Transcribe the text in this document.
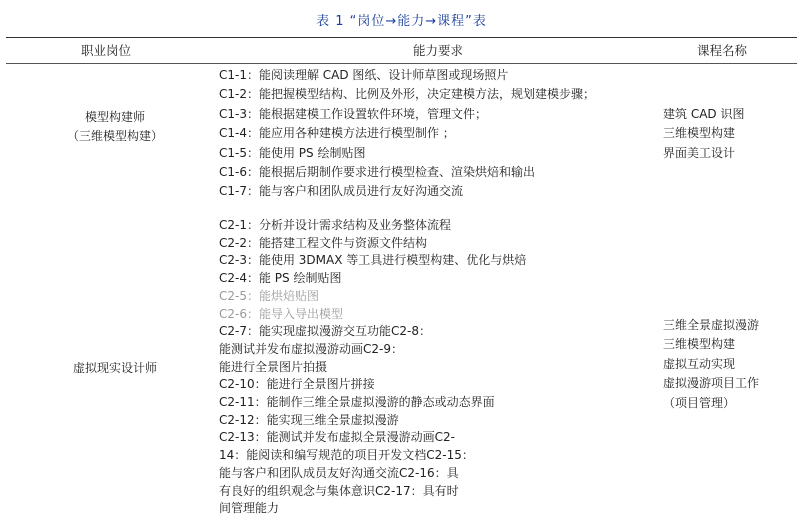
表 1 “岗位→能力→课程”表
职业岗位	能力要求	课程名称
模型构建师
（三维模型构建）
C1-1：能阅读理解 CAD 图纸、设计师草图或现场照片
C1-2：能把握模型结构、比例及外形，决定建模方法，规划建模步骤；
C1-3：能根据建模工作设置软件环境，管理文件；
C1-4：能应用各种建模方法进行模型制作 ；
C1-5：能使用 PS 绘制贴图
C1-6：能根据后期制作要求进行模型检查、渲染烘焙和输出
C1-7：能与客户和团队成员进行友好沟通交流
建筑 CAD 识图
三维模型构建
界面美工设计
虚拟现实设计师
C2-1：分析并设计需求结构及业务整体流程
C2-2：能搭建工程文件与资源文件结构
C2-3：能使用 3DMAX 等工具进行模型构建、优化与烘焙
C2-4：能 PS 绘制贴图
C2-5：能烘焙贴图
C2-6：能导入导出模型
C2-7：能实现虚拟漫游交互功能C2-8：
能测试并发布虚拟漫游动画C2-9：
能进行全景图片拍摄
C2-10：能进行全景图片拼接
C2-11：能制作三维全景虚拟漫游的静态或动态界面
C2-12：能实现三维全景虚拟漫游
C2-13：能测试并发布虚拟全景漫游动画C2-
14：能阅读和编写规范的项目开发文档C2-15：
能与客户和团队成员友好沟通交流C2-16：具
有良好的组织观念与集体意识C2-17：具有时
间管理能力
三维全景虚拟漫游
三维模型构建
虚拟互动实现
虚拟漫游项目工作
（项目管理）
